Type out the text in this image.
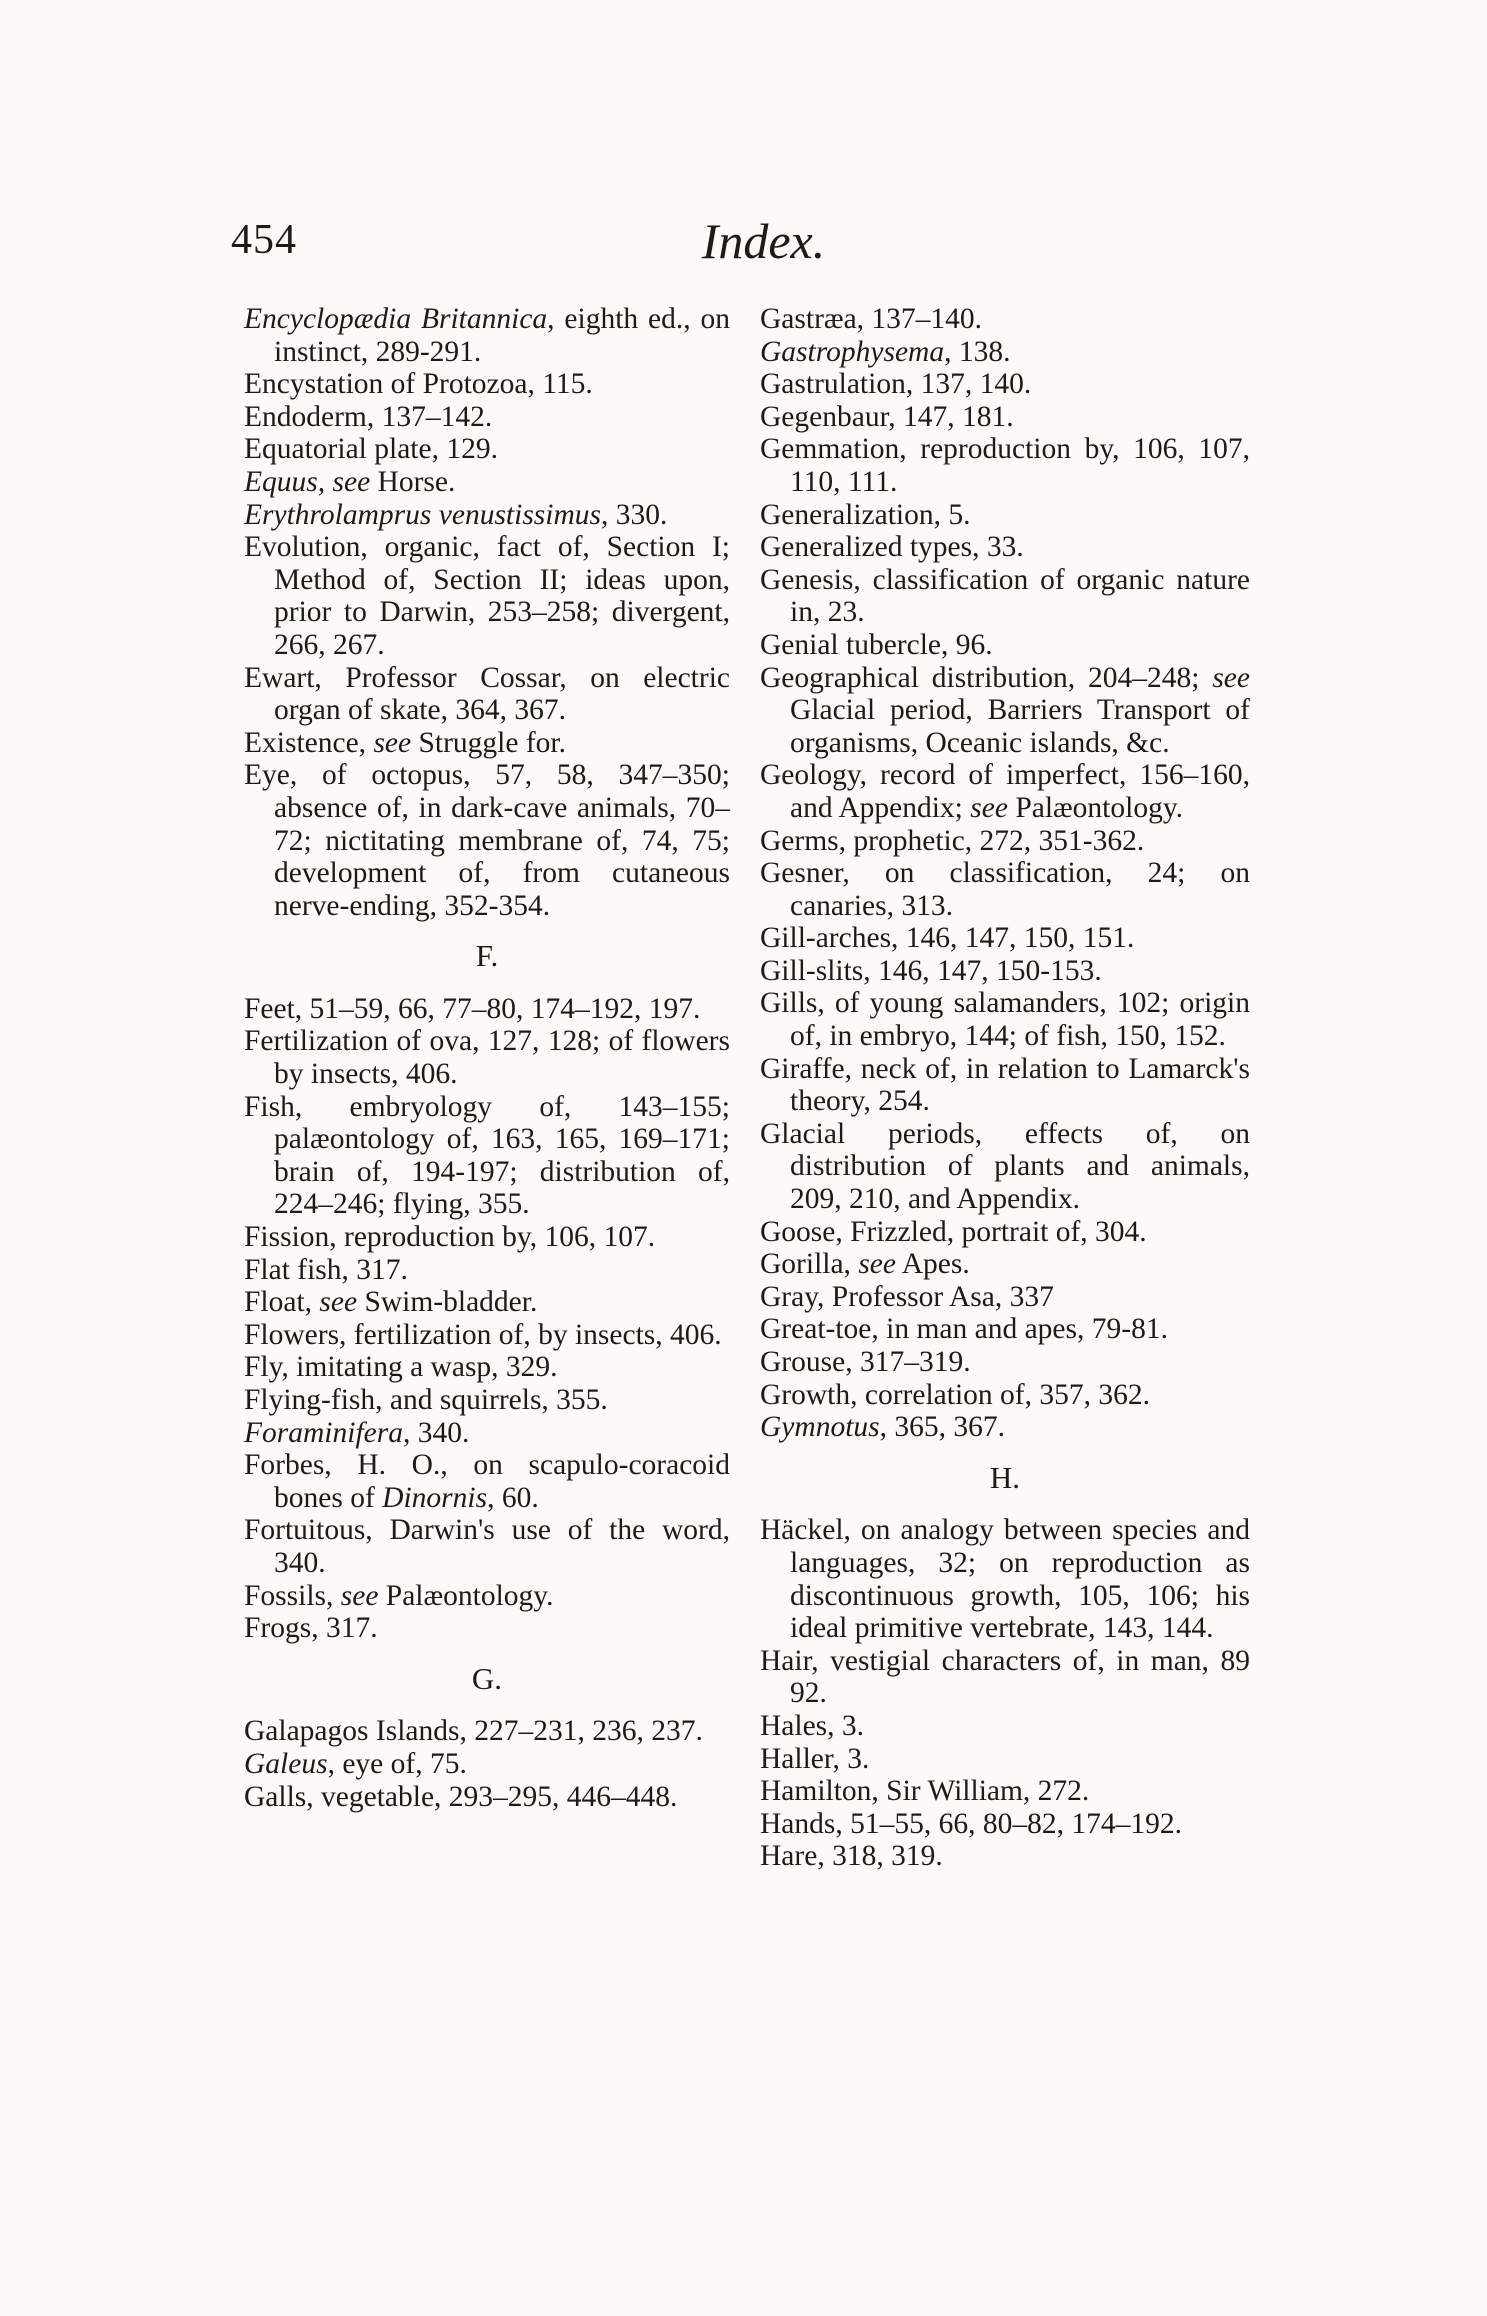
454	Index.

Encyclopædia Britannica, eighth ed., on instinct, 289-291.

Encystation of Protozoa, 115.

Endoderm, 137–142.

Equatorial plate, 129.

Equus, see Horse.

Erythrolamprus venustissimus, 330.

Evolution, organic, fact of, Section I; Method of, Section II; ideas upon, prior to Darwin, 253–258; divergent, 266, 267.

Ewart, Professor Cossar, on electric organ of skate, 364, 367.

Existence, see Struggle for.

Eye, of octopus, 57, 58, 347–350; absence of, in dark-cave animals, 70–72; nictitating membrane of, 74, 75; development of, from cutaneous nerve-ending, 352-354.

F.

Feet, 51–59, 66, 77–80, 174–192, 197.

Fertilization of ova, 127, 128; of flowers by insects, 406.

Fish, embryology of, 143–155; palæontology of, 163, 165, 169–171; brain of, 194-197; distribution of, 224–246; flying, 355.

Fission, reproduction by, 106, 107.

Flat fish, 317.

Float, see Swim-bladder.

Flowers, fertilization of, by insects, 406.

Fly, imitating a wasp, 329.

Flying-fish, and squirrels, 355.

Foraminifera, 340.

Forbes, H. O., on scapulo-coracoid bones of Dinornis, 60.

Fortuitous, Darwin's use of the word, 340.

Fossils, see Palæontology.

Frogs, 317.

G.

Galapagos Islands, 227–231, 236, 237.

Galeus, eye of, 75.

Galls, vegetable, 293–295, 446–448.

Gastræa, 137–140.

Gastrophysema, 138.

Gastrulation, 137, 140.

Gegenbaur, 147, 181.

Gemmation, reproduction by, 106, 107, 110, 111.

Generalization, 5.

Generalized types, 33.

Genesis, classification of organic nature in, 23.

Genial tubercle, 96.

Geographical distribution, 204–248; see Glacial period, Barriers Transport of organisms, Oceanic islands, &c.

Geology, record of imperfect, 156–160, and Appendix; see Palæontology.

Germs, prophetic, 272, 351-362.

Gesner, on classification, 24; on canaries, 313.

Gill-arches, 146, 147, 150, 151.

Gill-slits, 146, 147, 150-153.

Gills, of young salamanders, 102; origin of, in embryo, 144; of fish, 150, 152.

Giraffe, neck of, in relation to Lamarck's theory, 254.

Glacial periods, effects of, on distribution of plants and animals, 209, 210, and Appendix.

Goose, Frizzled, portrait of, 304.

Gorilla, see Apes.

Gray, Professor Asa, 337

Great-toe, in man and apes, 79-81.

Grouse, 317–319.

Growth, correlation of, 357, 362.

Gymnotus, 365, 367.

H.

Häckel, on analogy between species and languages, 32; on reproduction as discontinuous growth, 105, 106; his ideal primitive vertebrate, 143, 144.

Hair, vestigial characters of, in man, 89 92.

Hales, 3.

Haller, 3.

Hamilton, Sir William, 272.

Hands, 51–55, 66, 80–82, 174–192.

Hare, 318, 319.
